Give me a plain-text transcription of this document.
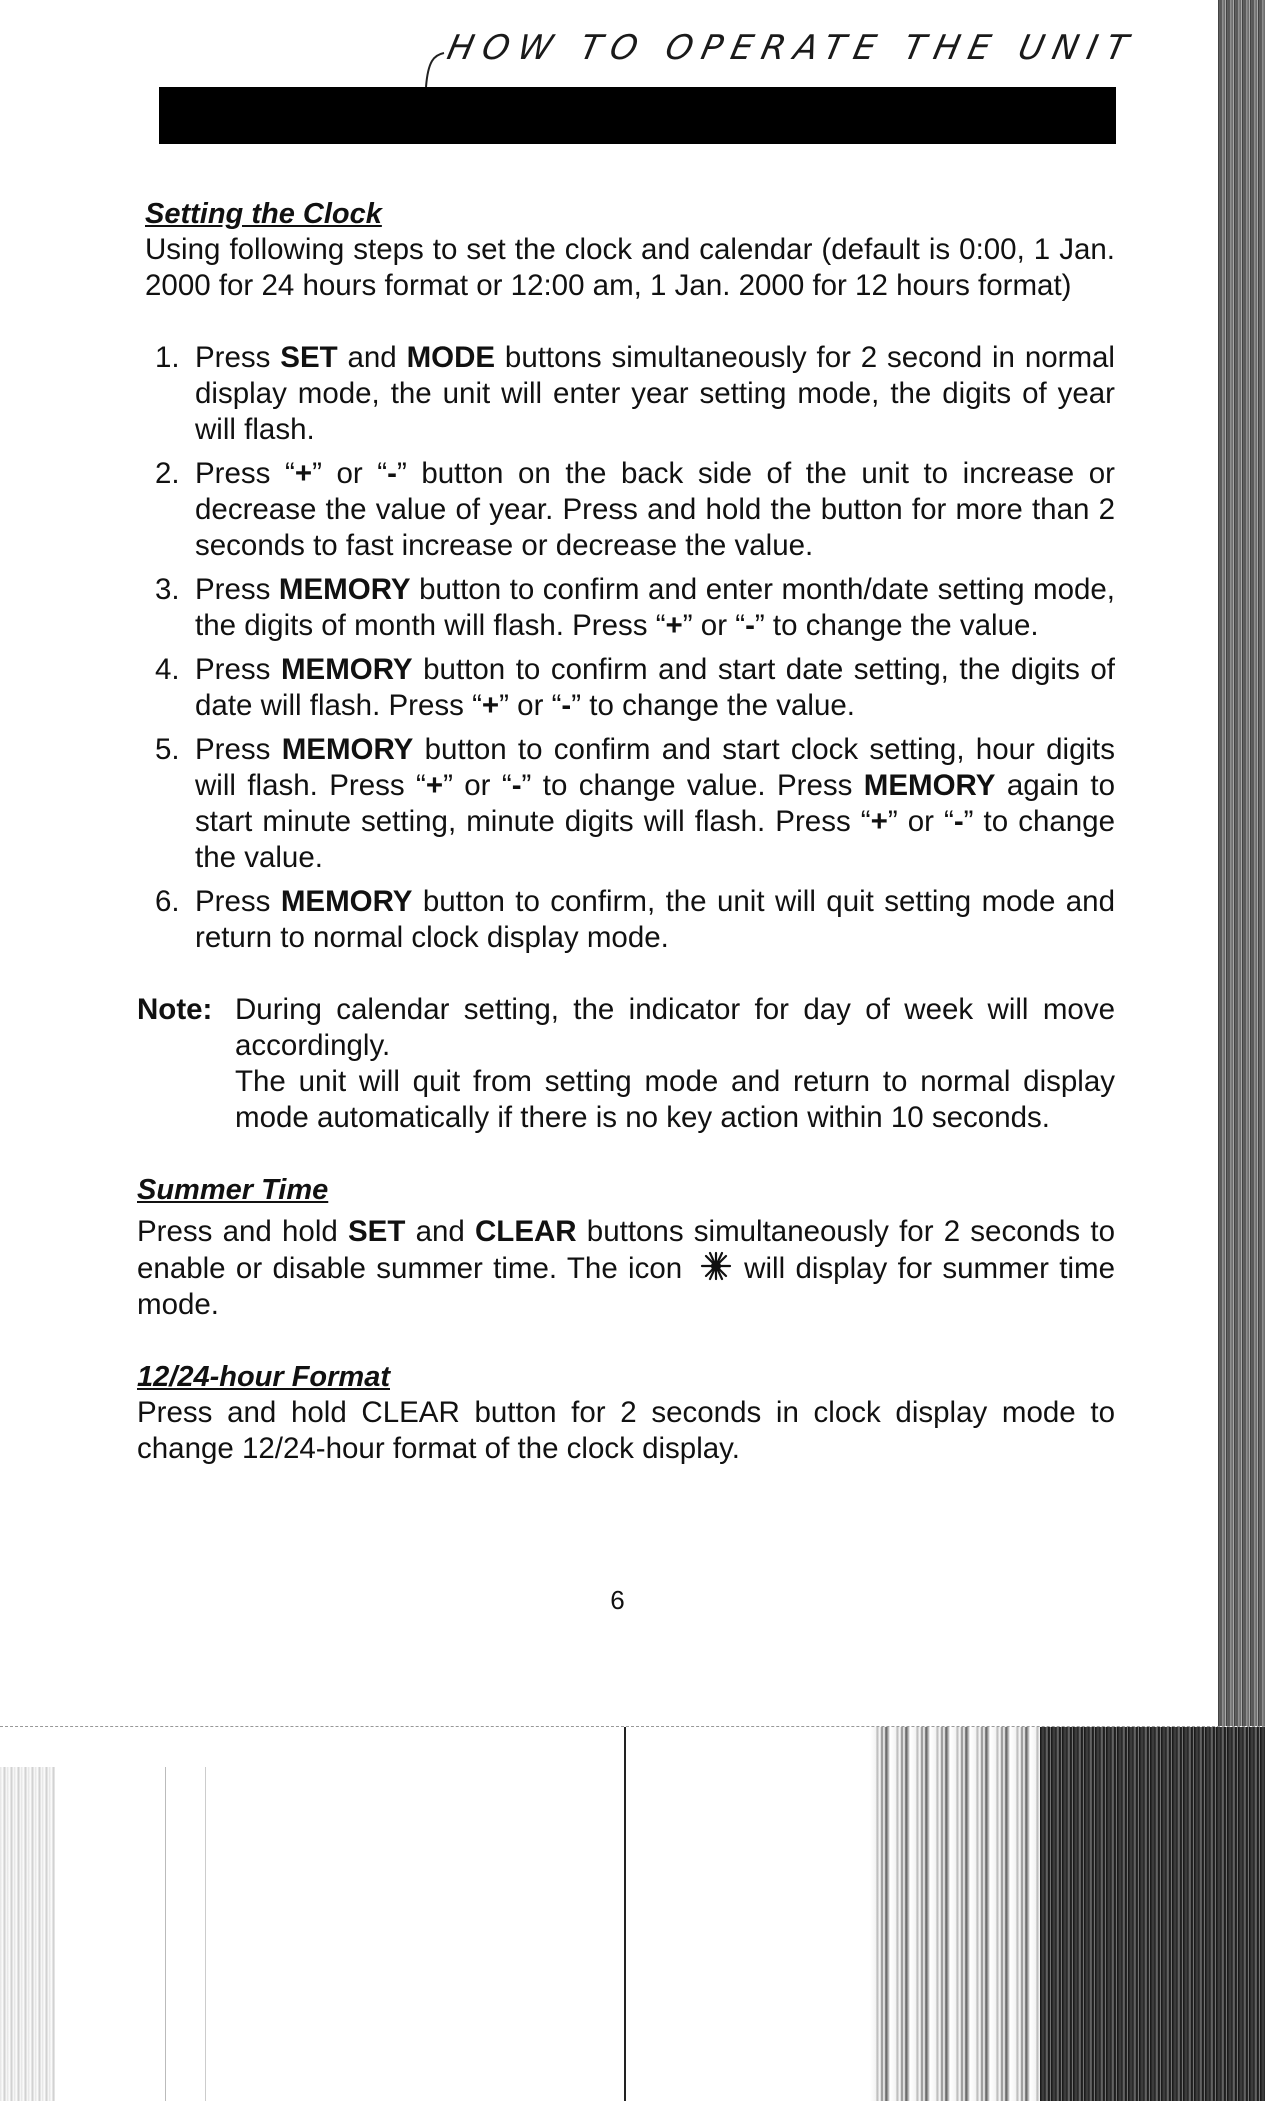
HOW TO OPERATE THE UNIT
Setting the Clock

Using following steps to set the clock and calendar (default is 0:00, 1 Jan. 2000 for 24 hours format or 12:00 am, 1 Jan. 2000 for 12 hours format)

1. Press SET and MODE buttons simultaneously for 2 second in normal display mode, the unit will enter year setting mode, the digits of year will flash.
2. Press “+” or “-” button on the back side of the unit to increase or decrease the value of year. Press and hold the button for more than 2 seconds to fast increase or decrease the value.
3. Press MEMORY button to confirm and enter month/date setting mode, the digits of month will flash. Press “+” or “-” to change the value.
4. Press MEMORY button to confirm and start date setting, the digits of date will flash. Press “+” or “-” to change the value.
5. Press MEMORY button to confirm and start clock setting, hour digits will flash. Press “+” or “-” to change value. Press MEMORY again to start minute setting, minute digits will flash. Press “+” or “-” to change the value.
6. Press MEMORY button to confirm, the unit will quit setting mode and return to normal clock display mode.
Note: During calendar setting, the indicator for day of week will move accordingly.

The unit will quit from setting mode and return to normal display mode automatically if there is no key action within 10 seconds.

Summer Time

Press and hold SET and CLEAR buttons simultaneously for 2 seconds to enable or disable summer time. The icon will display for summer time mode.

12/24-hour Format

Press and hold CLEAR button for 2 seconds in clock display mode to change 12/24-hour format of the clock display.

6
